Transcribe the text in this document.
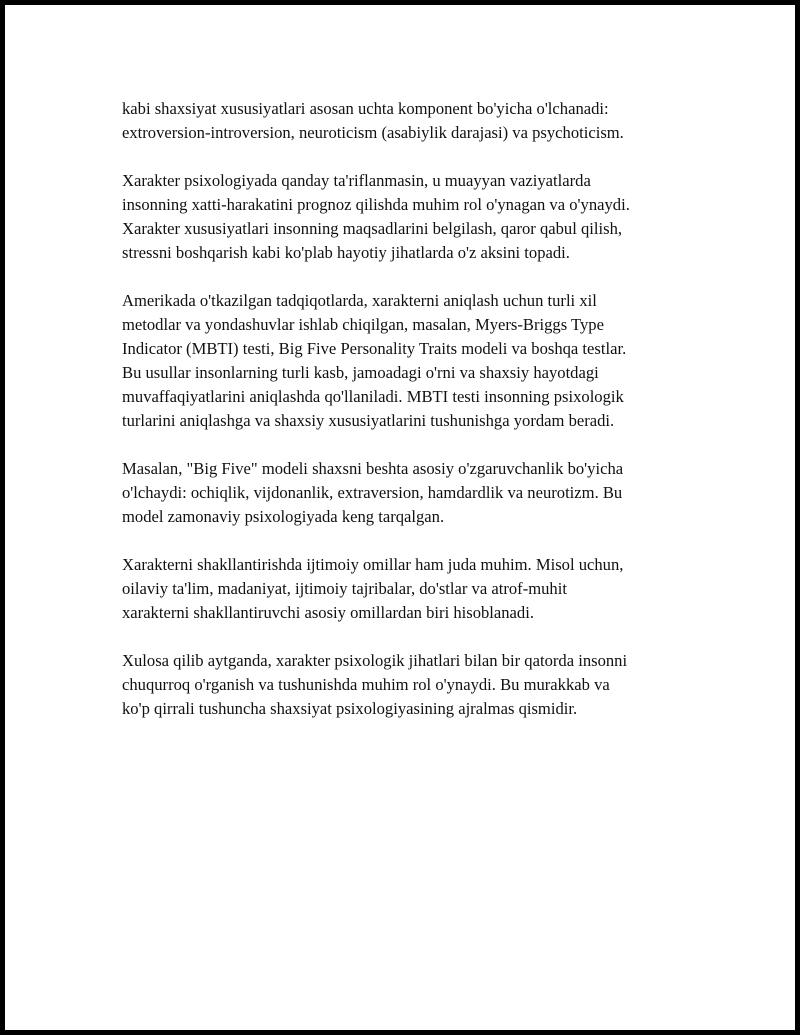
kabi shaxsiyat xususiyatlari asosan uchta komponent bo'yicha o'lchanadi:
extroversion-introversion, neuroticism (asabiylik darajasi) va psychoticism.

Xarakter psixologiyada qanday ta'riflanmasin, u muayyan vaziyatlarda
insonning xatti-harakatini prognoz qilishda muhim rol o'ynagan va o'ynaydi.
Xarakter xususiyatlari insonning maqsadlarini belgilash, qaror qabul qilish,
stressni boshqarish kabi ko'plab hayotiy jihatlarda o'z aksini topadi.

Amerikada o'tkazilgan tadqiqotlarda, xarakterni aniqlash uchun turli xil
metodlar va yondashuvlar ishlab chiqilgan, masalan, Myers-Briggs Type
Indicator (MBTI) testi, Big Five Personality Traits modeli va boshqa testlar.
Bu usullar insonlarning turli kasb, jamoadagi o'rni va shaxsiy hayotdagi
muvaffaqiyatlarini aniqlashda qo'llaniladi. MBTI testi insonning psixologik
turlarini aniqlashga va shaxsiy xususiyatlarini tushunishga yordam beradi.

Masalan, "Big Five" modeli shaxsni beshta asosiy o'zgaruvchanlik bo'yicha
o'lchaydi: ochiqlik, vijdonanlik, extraversion, hamdardlik va neurotizm. Bu
model zamonaviy psixologiyada keng tarqalgan.

Xarakterni shakllantirishda ijtimoiy omillar ham juda muhim. Misol uchun,
oilaviy ta'lim, madaniyat, ijtimoiy tajribalar, do'stlar va atrof-muhit
xarakterni shakllantiruvchi asosiy omillardan biri hisoblanadi.

Xulosa qilib aytganda, xarakter psixologik jihatlari bilan bir qatorda insonni
chuqurroq o'rganish va tushunishda muhim rol o'ynaydi. Bu murakkab va
ko'p qirrali tushuncha shaxsiyat psixologiyasining ajralmas qismidir.
